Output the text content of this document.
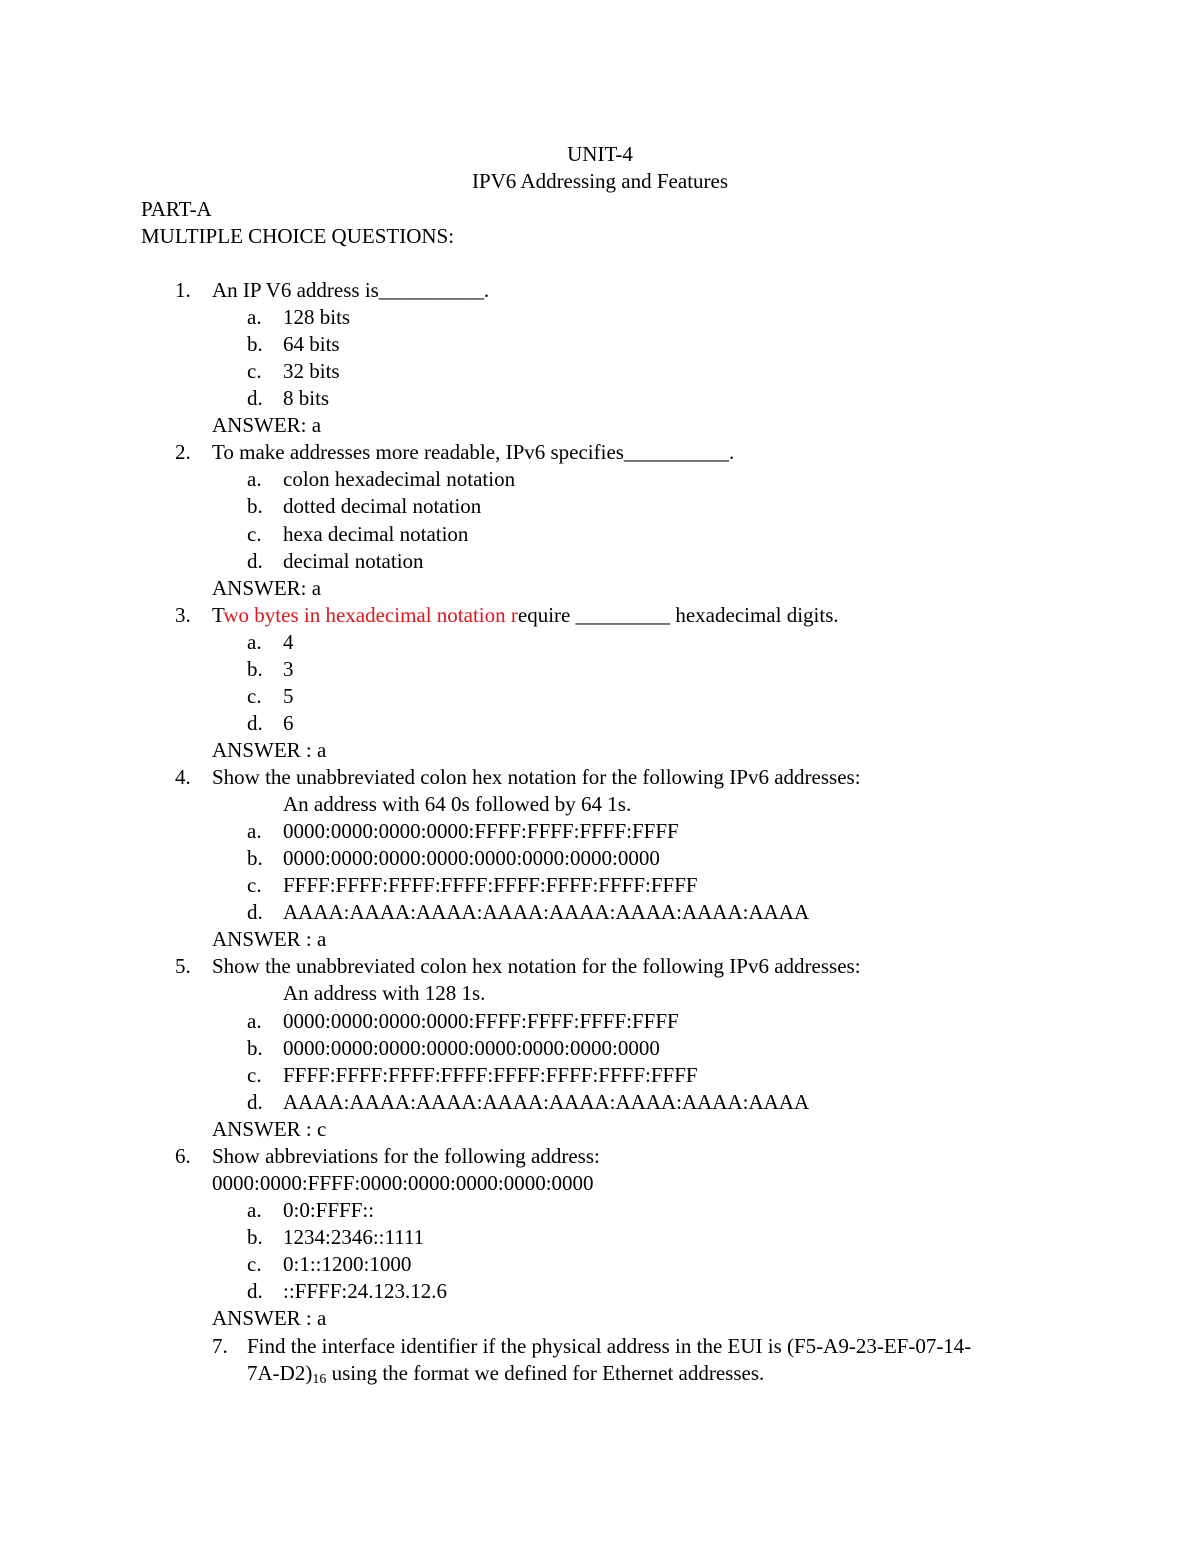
UNIT-4
IPV6 Addressing and Features
PART-A
MULTIPLE CHOICE QUESTIONS:
1. An IP V6 address is__________.
a. 128 bits
b. 64 bits
c. 32 bits
d. 8 bits
ANSWER: a
2. To make addresses more readable, IPv6 specifies__________.
a. colon hexadecimal notation
b. dotted decimal notation
c. hexa decimal notation
d. decimal notation
ANSWER: a
3. Two bytes in hexadecimal notation require _________ hexadecimal digits.
a. 4
b. 3
c. 5
d. 6
ANSWER : a
4. Show the unabbreviated colon hex notation for the following IPv6 addresses:
An address with 64 0s followed by 64 1s.
a. 0000:0000:0000:0000:FFFF:FFFF:FFFF:FFFF
b. 0000:0000:0000:0000:0000:0000:0000:0000
c. FFFF:FFFF:FFFF:FFFF:FFFF:FFFF:FFFF:FFFF
d. AAAA:AAAA:AAAA:AAAA:AAAA:AAAA:AAAA:AAAA
ANSWER : a
5. Show the unabbreviated colon hex notation for the following IPv6 addresses:
An address with 128 1s.
a. 0000:0000:0000:0000:FFFF:FFFF:FFFF:FFFF
b. 0000:0000:0000:0000:0000:0000:0000:0000
c. FFFF:FFFF:FFFF:FFFF:FFFF:FFFF:FFFF:FFFF
d. AAAA:AAAA:AAAA:AAAA:AAAA:AAAA:AAAA:AAAA
ANSWER : c
6. Show abbreviations for the following address:
0000:0000:FFFF:0000:0000:0000:0000:0000
a. 0:0:FFFF::
b. 1234:2346::1111
c. 0:1::1200:1000
d. ::FFFF:24.123.12.6
ANSWER : a
7. Find the interface identifier if the physical address in the EUI is (F5-A9-23-EF-07-14-
$7A-D2)_{16}$ using the format we defined for Ethernet addresses.
